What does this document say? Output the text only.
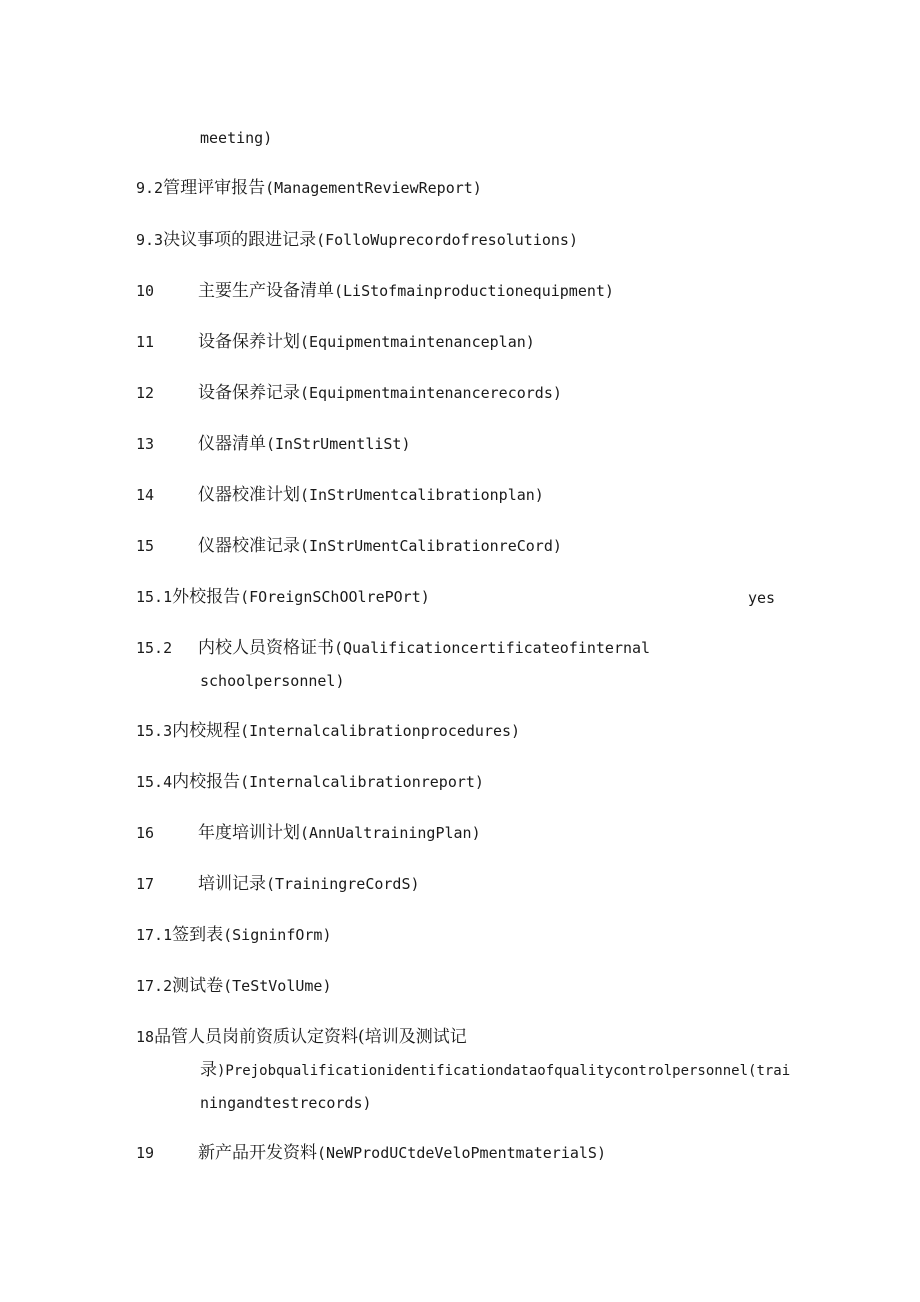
meeting)
9.2管理评审报告(ManagementReviewReport)
9.3决议事项的跟进记录(FolloWuprecordofresolutions)
10	主要生产设备清单(LiStofmainproductionequipment)
11	设备保养计划(Equipmentmaintenanceplan)
12	设备保养记录(Equipmentmaintenancerecords)
13	仪器清单(InStrUmentliSt)
14	仪器校准计划(InStrUmentcalibrationplan)
15	仪器校准记录(InStrUmentCalibrationreCord)
15.1外校报告(FOreignSChOOlrePOrt)	yes
15.2 内校人员资格证书(Qualificationcertificateofinternal
schoolpersonnel)
15.3内校规程(Internalcalibrationprocedures)
15.4内校报告(Internalcalibrationreport)
16	年度培训计划(AnnUaltrainingPlan)
17	培训记录(TrainingreCordS)
17.1签到表(SigninfOrm)
17.2测试卷(TeStVolUme)
18品管人员岗前资质认定资料(培训及测试记
录)Prejobqualificationidentificationdataofqualitycontrolpersonnel(trai
ningandtestrecords)
19	新产品开发资料(NeWProdUCtdeVeloPmentmaterialS)
